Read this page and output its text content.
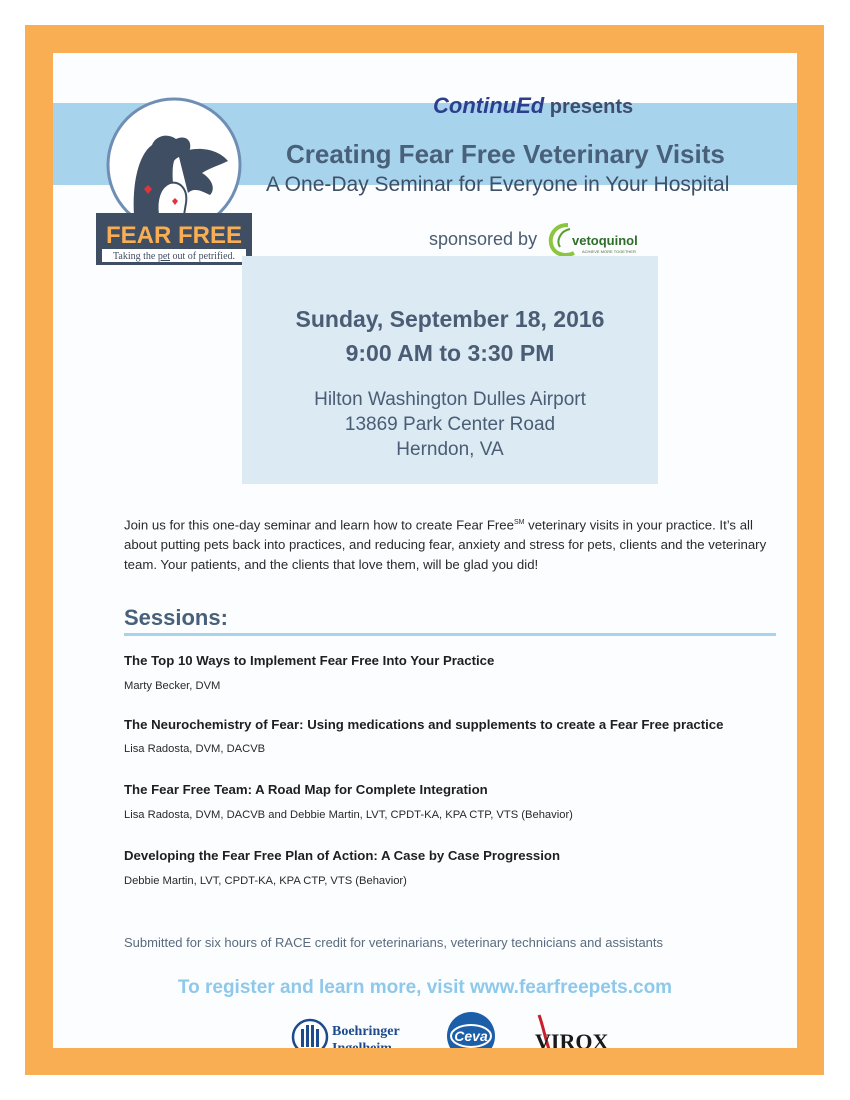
FEAR FREE
Taking the pet out of petrified.
ContinuEd presents
Creating Fear Free Veterinary Visits
A One-Day Seminar for Everyone in Your Hospital
sponsored by	vetoquinol
ACHIEVE MORE TOGETHER
Sunday, September 18, 2016
9:00 AM to 3:30 PM
Hilton Washington Dulles Airport
13869 Park Center Road
Herndon, VA
Join us for this one-day seminar and learn how to create Fear Free℠ veterinary visits in your practice. It’s all about putting pets back into practices, and reducing fear, anxiety and stress for pets, clients and the veterinary team. Your patients, and the clients that love them, will be glad you did!
Sessions:
The Top 10 Ways to Implement Fear Free Into Your Practice
Marty Becker, DVM
The Neurochemistry of Fear: Using medications and supplements to create a Fear Free practice
Lisa Radosta, DVM, DACVB
The Fear Free Team: A Road Map for Complete Integration
Lisa Radosta, DVM, DACVB and Debbie Martin, LVT, CPDT-KA, KPA CTP, VTS (Behavior)
Developing the Fear Free Plan of Action: A Case by Case Progression
Debbie Martin, LVT, CPDT-KA, KPA CTP, VTS (Behavior)
Submitted for six hours of RACE credit for veterinarians, veterinary technicians and assistants
To register and learn more, visit www.fearfreepets.com
Boehringer
Ingelheim
Ceva VIROX
ANIMAL HEALTH
